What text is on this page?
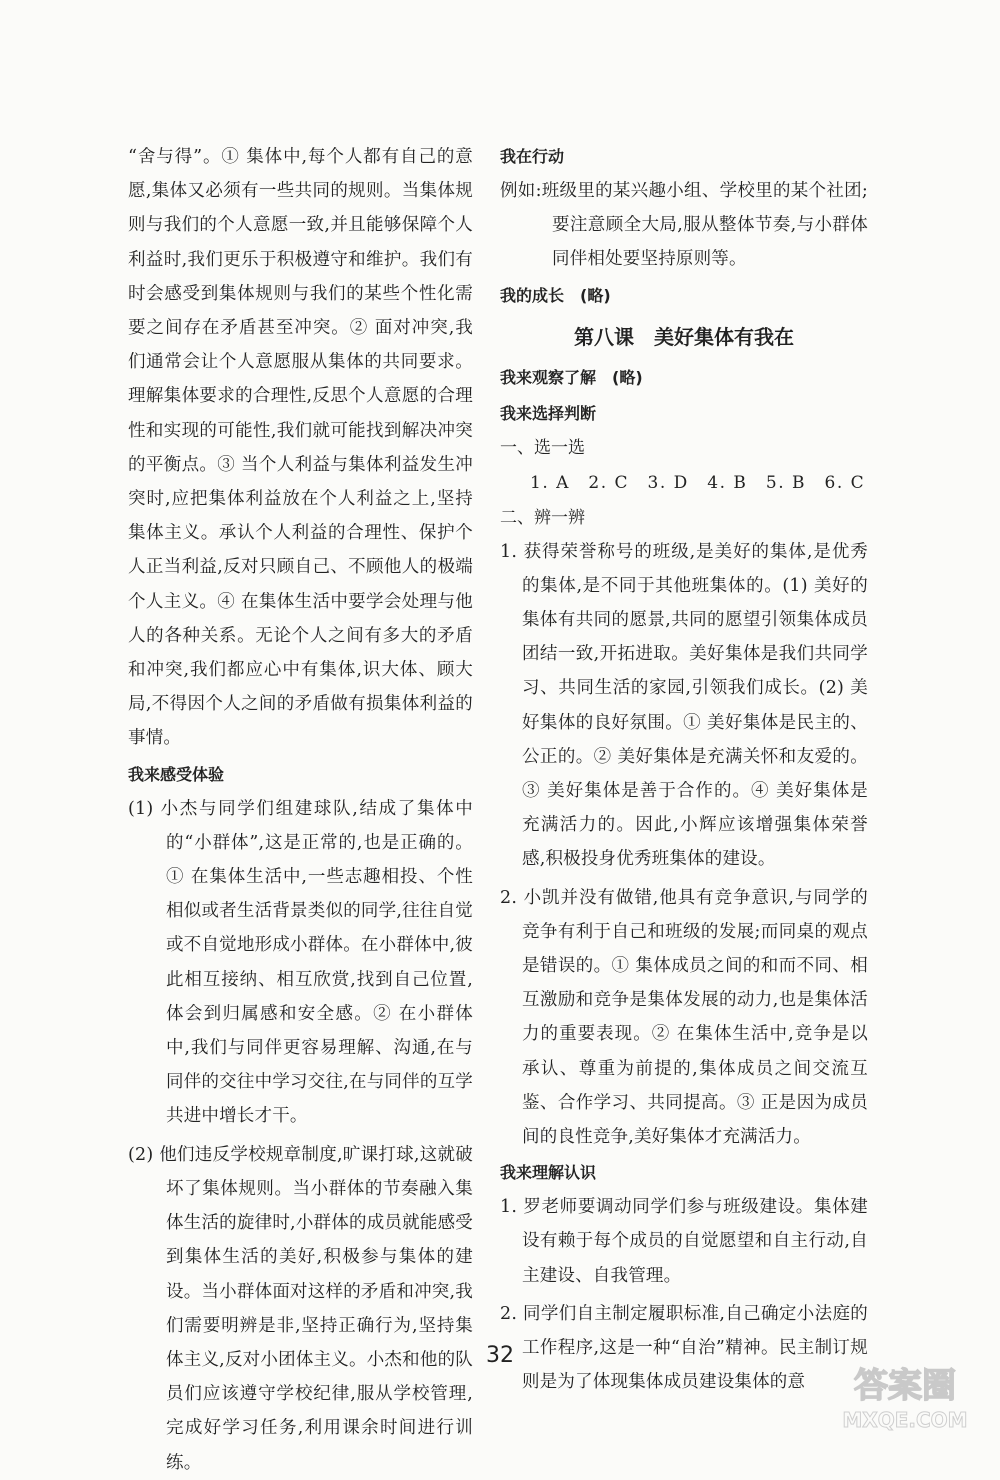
“舍与得”。① 集体中,每个人都有自己的意愿,集体又必须有一些共同的规则。当集体规则与我们的个人意愿一致,并且能够保障个人利益时,我们更乐于积极遵守和维护。我们有时会感受到集体规则与我们的某些个性化需要之间存在矛盾甚至冲突。② 面对冲突,我们通常会让个人意愿服从集体的共同要求。理解集体要求的合理性,反思个人意愿的合理性和实现的可能性,我们就可能找到解决冲突的平衡点。③ 当个人利益与集体利益发生冲突时,应把集体利益放在个人利益之上,坚持集体主义。承认个人利益的合理性、保护个人正当利益,反对只顾自己、不顾他人的极端个人主义。④ 在集体生活中要学会处理与他人的各种关系。无论个人之间有多大的矛盾和冲突,我们都应心中有集体,识大体、顾大局,不得因个人之间的矛盾做有损集体利益的事情。

我来感受体验

(1) 小杰与同学们组建球队,结成了集体中的“小群体”,这是正常的,也是正确的。① 在集体生活中,一些志趣相投、个性相似或者生活背景类似的同学,往往自觉或不自觉地形成小群体。在小群体中,彼此相互接纳、相互欣赏,找到自己位置,体会到归属感和安全感。② 在小群体中,我们与同伴更容易理解、沟通,在与同伴的交往中学习交往,在与同伴的互学共进中增长才干。

(2) 他们违反学校规章制度,旷课打球,这就破坏了集体规则。当小群体的节奏融入集体生活的旋律时,小群体的成员就能感受到集体生活的美好,积极参与集体的建设。当小群体面对这样的矛盾和冲突,我们需要明辨是非,坚持正确行为,坚持集体主义,反对小团体主义。小杰和他的队员们应该遵守学校纪律,服从学校管理,完成好学习任务,利用课余时间进行训练。

我在行动

例如:班级里的某兴趣小组、学校里的某个社团;要注意顾全大局,服从整体节奏,与小群体同伴相处要坚持原则等。

我的成长　(略)
第八课　美好集体有我在
我来观察了解　(略)
我来选择判断
一、选一选
1. A　2. C　3. D　4. B　5. B　6. C
二、辨一辨

1. 获得荣誉称号的班级,是美好的集体,是优秀的集体,是不同于其他班集体的。(1) 美好的集体有共同的愿景,共同的愿望引领集体成员团结一致,开拓进取。美好集体是我们共同学习、共同生活的家园,引领我们成长。(2) 美好集体的良好氛围。① 美好集体是民主的、公正的。② 美好集体是充满关怀和友爱的。③ 美好集体是善于合作的。④ 美好集体是充满活力的。因此,小辉应该增强集体荣誉感,积极投身优秀班集体的建设。

2. 小凯并没有做错,他具有竞争意识,与同学的竞争有利于自己和班级的发展;而同桌的观点是错误的。① 集体成员之间的和而不同、相互激励和竞争是集体发展的动力,也是集体活力的重要表现。② 在集体生活中,竞争是以承认、尊重为前提的,集体成员之间交流互鉴、合作学习、共同提高。③ 正是因为成员间的良性竞争,美好集体才充满活力。

我来理解认识

1. 罗老师要调动同学们参与班级建设。集体建设有赖于每个成员的自觉愿望和自主行动,自主建设、自我管理。

2. 同学们自主制定履职标准,自己确定小法庭的工作程序,这是一种“自治”精神。民主制订规则是为了体现集体成员建设集体的意

32
答案圈
MXQE.COM
